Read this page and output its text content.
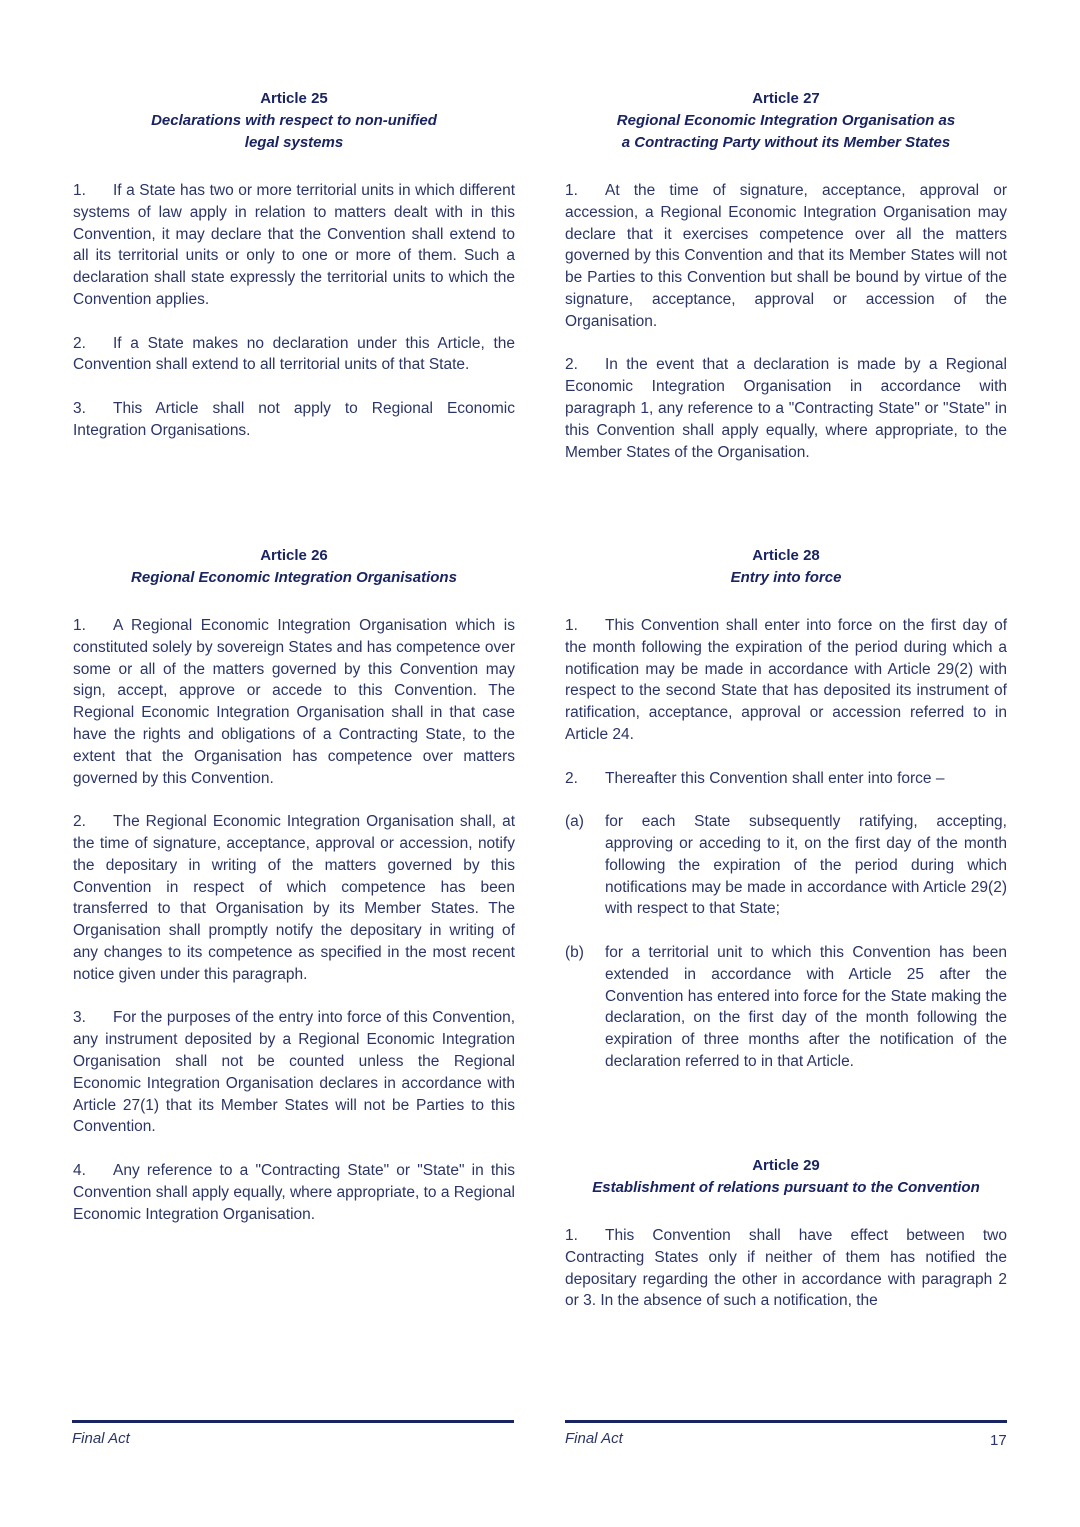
Article 25
Declarations with respect to non-unified
legal systems

1. If a State has two or more territorial units in which different systems of law apply in relation to matters dealt with in this Convention, it may declare that the Convention shall extend to all its territorial units or only to one or more of them. Such a declaration shall state expressly the territorial units to which the Convention applies.

2. If a State makes no declaration under this Article, the Convention shall extend to all territorial units of that State.

3. This Article shall not apply to Regional Economic Integration Organisations.

Article 26
Regional Economic Integration Organisations

1. A Regional Economic Integration Organisation which is constituted solely by sovereign States and has competence over some or all of the matters governed by this Convention may sign, accept, approve or accede to this Convention. The Regional Economic Integration Organisation shall in that case have the rights and obligations of a Contracting State, to the extent that the Organisation has competence over matters governed by this Convention.

2. The Regional Economic Integration Organisation shall, at the time of signature, acceptance, approval or accession, notify the depositary in writing of the matters governed by this Convention in respect of which competence has been transferred to that Organisation by its Member States. The Organisation shall promptly notify the depositary in writing of any changes to its competence as specified in the most recent notice given under this paragraph.

3. For the purposes of the entry into force of this Convention, any instrument deposited by a Regional Economic Integration Organisation shall not be counted unless the Regional Economic Integration Organisation declares in accordance with Article 27(1) that its Member States will not be Parties to this Convention.

4. Any reference to a "Contracting State" or "State" in this Convention shall apply equally, where appropriate, to a Regional Economic Integration Organisation.

Article 27
Regional Economic Integration Organisation as
a Contracting Party without its Member States

1. At the time of signature, acceptance, approval or accession, a Regional Economic Integration Organisation may declare that it exercises competence over all the matters governed by this Convention and that its Member States will not be Parties to this Convention but shall be bound by virtue of the signature, acceptance, approval or accession of the Organisation.

2. In the event that a declaration is made by a Regional Economic Integration Organisation in accordance with paragraph 1, any reference to a "Contracting State" or "State" in this Convention shall apply equally, where appropriate, to the Member States of the Organisation.

Article 28
Entry into force

1. This Convention shall enter into force on the first day of the month following the expiration of the period during which a notification may be made in accordance with Article 29(2) with respect to the second State that has deposited its instrument of ratification, acceptance, approval or accession referred to in Article 24.

2. Thereafter this Convention shall enter into force –

(a) for each State subsequently ratifying, accepting, approving or acceding to it, on the first day of the month following the expiration of the period during which notifications may be made in accordance with Article 29(2) with respect to that State;
(b) for a territorial unit to which this Convention has been extended in accordance with Article 25 after the Convention has entered into force for the State making the declaration, on the first day of the month following the expiration of three months after the notification of the declaration referred to in that Article.
Article 29
Establishment of relations pursuant to the Convention

1. This Convention shall have effect between two Contracting States only if neither of them has notified the depositary regarding the other in accordance with paragraph 2 or 3. In the absence of such a notification, the

Final Act	Final Act	17
